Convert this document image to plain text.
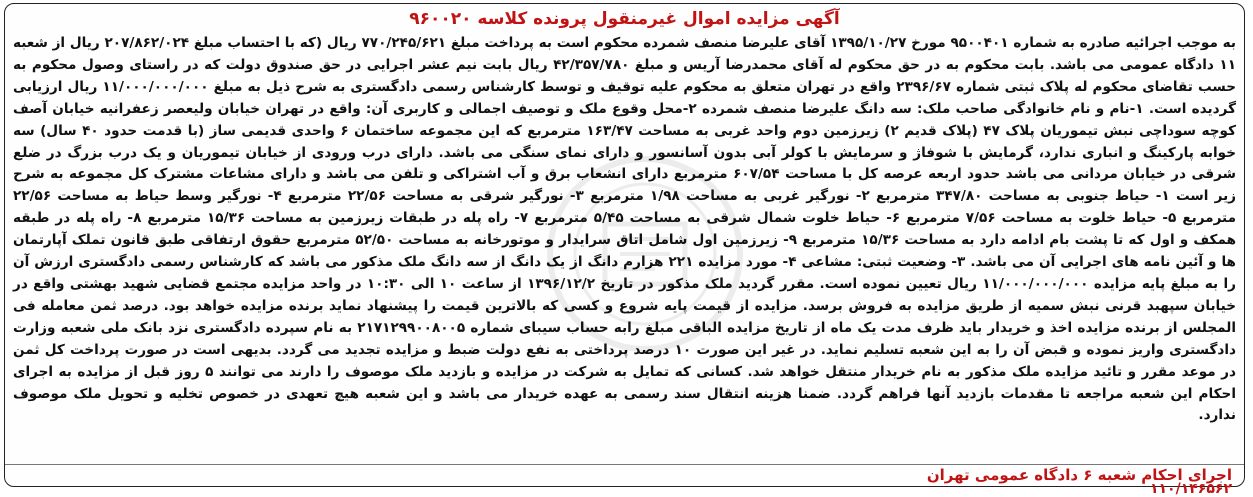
آگهی مزایده اموال غیرمنقول پرونده کلاسه ۹۶۰۰۲۰
به موجب اجرائیه صادره به شماره ۹۵۰۰۴۰۱ مورخ ۱۳۹۵/۱۰/۲۷ آقای علیرضا منصف شمرده محکوم است به پرداخت مبلغ ۷۷۰/۲۴۵/۶۲۱ ریال (که با احتساب مبلغ ۲۰۷/۸۶۲/۰۲۴ ریال از شعبه ۱۱ دادگاه عمومی می باشد. بابت محکوم به در حق محکوم له آقای محمدرضا آریس و مبلغ ۴۲/۳۵۷/۷۸۰ ریال بابت نیم عشر اجرایی در حق صندوق دولت که در راستای وصول محکوم به حسب تقاضای محکوم له پلاک ثبتی شماره ۲۳۹۶/۶۷ واقع در تهران متعلق به محکوم علیه توقیف و توسط کارشناس رسمی دادگستری به شرح ذیل به مبلغ ۱۱/۰۰۰/۰۰۰/۰۰۰ ریال ارزیابی گردیده است. ۱-نام و نام خانوادگی صاحب ملک: سه دانگ علیرضا منصف شمرده ۲-محل وقوع ملک و توصیف اجمالی و کاربری آن: واقع در تهران خیابان ولیعصر زعفرانیه خیابان آصف کوچه سوداچی نبش تیموریان پلاک ۴۷ (پلاک قدیم ۲) زیرزمین دوم واحد غربی به مساحت ۱۶۳/۴۷ مترمربع که این مجموعه ساختمان ۶ واحدی قدیمی ساز (با قدمت حدود ۴۰ سال) سه خوابه پارکینگ و انباری ندارد، گرمایش با شوفاژ و سرمایش با کولر آبی بدون آسانسور و دارای نمای سنگی می باشد. دارای درب ورودی از خیابان تیموریان و یک درب بزرگ در ضلع شرقی در خیابان مردانی می باشد حدود اربعه عرصه کل با مساحت ۶۰۷/۵۴ مترمربع دارای انشعاب برق و آب اشتراکی و تلفن می باشد و دارای مشاعات مشترک کل مجموعه به شرح زیر است ۱- حیاط جنوبی به مساحت ۳۴۷/۸۰ مترمربع ۲- نورگیر غربی به مساحت ۱/۹۸ مترمربع ۳- نورگیر شرقی به مساحت ۲۲/۵۶ مترمربع ۴- نورگیر وسط حیاط به مساحت ۲۲/۵۶ مترمربع ۵- حیاط خلوت به مساحت ۷/۵۶ مترمربع ۶- حیاط خلوت شمال شرقی به مساحت ۵/۴۵ مترمربع ۷- راه پله در طبقات زیرزمین به مساحت ۱۵/۳۶ مترمربع ۸- راه پله در طبقه همکف و اول که تا پشت بام ادامه دارد به مساحت ۱۵/۳۶ مترمربع ۹- زیرزمین اول شامل اتاق سرایدار و موتورخانه به مساحت ۵۲/۵۰ مترمربع حقوق ارتفاقی طبق قانون تملک آپارتمان ها و آئین نامه های اجرایی آن می باشد. ۳- وضعیت ثبتی: مشاعی ۴- مورد مزایده ۲۲۱ هزارم دانگ از یک دانگ از سه دانگ ملک مذکور می باشد که کارشناس رسمی دادگستری ارزش آن را به مبلغ پایه مزایده ۱۱/۰۰۰/۰۰۰/۰۰۰ ریال تعیین نموده است. مقرر گردید ملک مذکور در تاریخ ۱۳۹۶/۱۲/۲ از ساعت ۱۰ الی ۱۰:۳۰ در واحد مزایده مجتمع قضایی شهید بهشتی واقع در خیابان سپهبد قرنی نبش سمیه از طریق مزایده به فروش برسد. مزایده از قیمت پایه شروع و کسی که بالاترین قیمت را پیشنهاد نماید برنده مزایده خواهد بود. درصد ثمن معامله فی المجلس از برنده مزایده اخذ و خریدار باید ظرف مدت یک ماه از تاریخ مزایده الباقی مبلغ رابه حساب سیبای شماره ۲۱۷۱۲۹۹۰۰۸۰۰۵ به نام سپرده دادگستری نزد بانک ملی شعبه وزارت دادگستری واریز نموده و قبض آن را به این شعبه تسلیم نماید. در غیر این صورت ۱۰ درصد پرداختی به نفع دولت ضبط و مزایده تجدید می گردد. بدیهی است در صورت پرداخت کل ثمن در موعد مقرر و تائید مزایده ملک مذکور به نام خریدار منتقل خواهد شد. کسانی که تمایل به شرکت در مزایده و بازدید ملک موصوف را دارند می توانند ۵ روز قبل از مزایده به اجرای احکام این شعبه مراجعه تا مقدمات بازدید آنها فراهم گردد. ضمنا هزینه انتقال سند رسمی به عهده خریدار می باشد و این شعبه هیچ تعهدی در خصوص تخلیه و تحویل ملک موصوف ندارد.
اجرای احکام شعبه ۶ دادگاه عمومی تهران
۱۱۰/۱۴۶۵۶۲
